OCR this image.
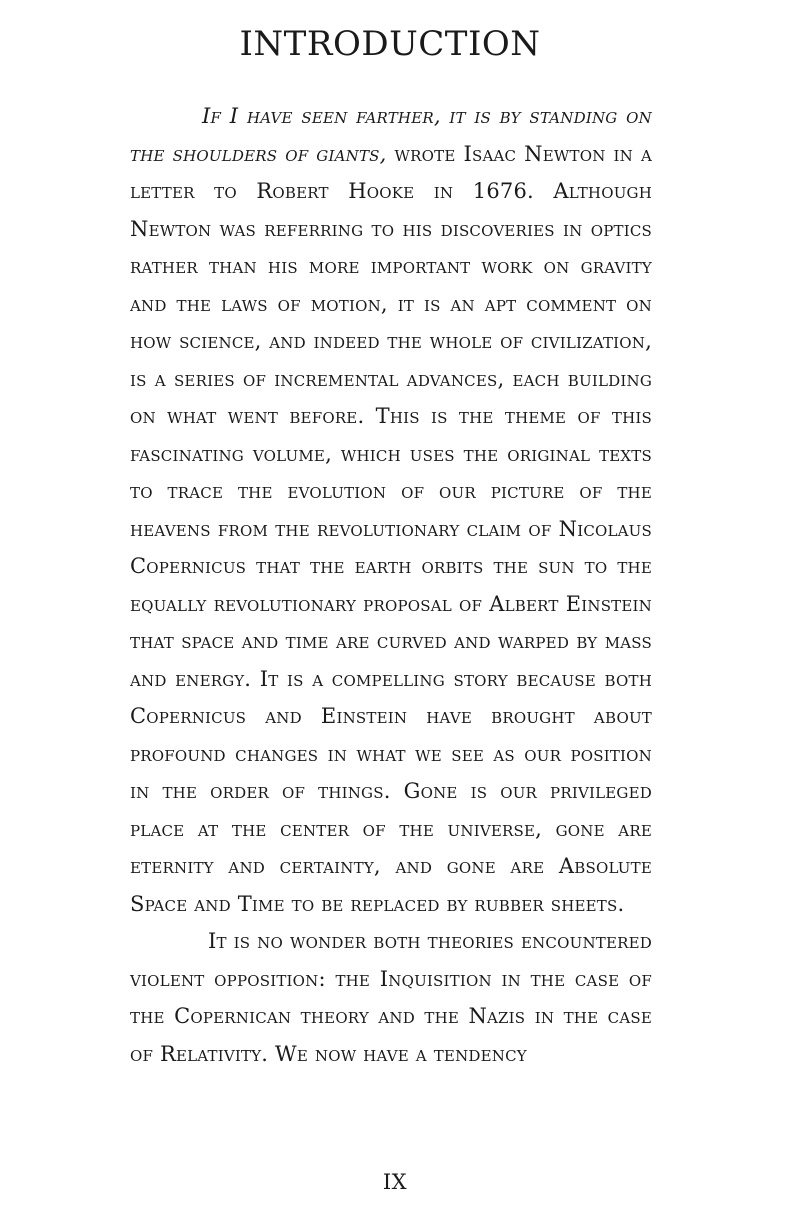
INTRODUCTION

If I have seen farther, it is by standing on the shoulders of giants, wrote Isaac Newton in a letter to Robert Hooke in 1676. Although Newton was referring to his discoveries in optics rather than his more important work on gravity and the laws of motion, it is an apt comment on how science, and indeed the whole of civilization, is a series of incremental advances, each building on what went before. This is the theme of this fascinating volume, which uses the original texts to trace the evolution of our picture of the heavens from the revolutionary claim of Nicolaus Copernicus that the earth orbits the sun to the equally revolutionary proposal of Albert Einstein that space and time are curved and warped by mass and energy. It is a compelling story because both Copernicus and Einstein have brought about profound changes in what we see as our position in the order of things. Gone is our privileged place at the center of the universe, gone are eternity and certainty, and gone are Absolute Space and Time to be replaced by rubber sheets.

It is no wonder both theories encountered violent opposition: the Inquisition in the case of the Copernican theory and the Nazis in the case of Relativity. We now have a tendency

IX
